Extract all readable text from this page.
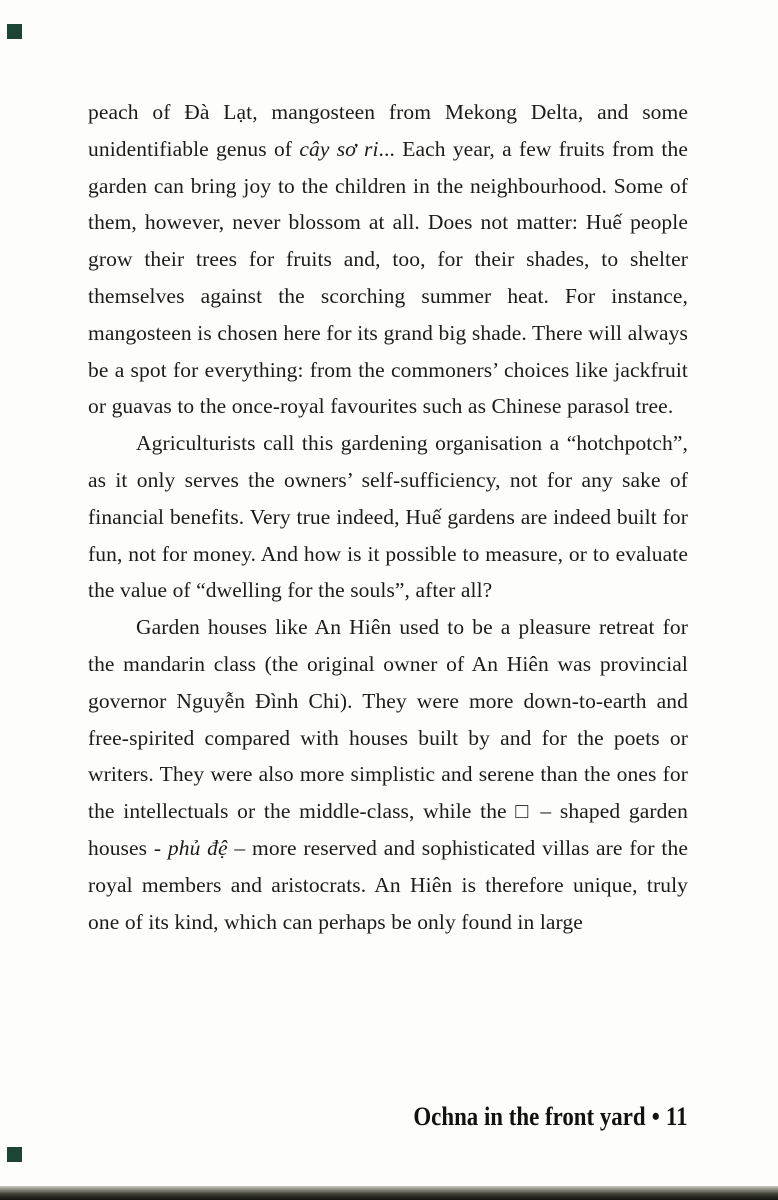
peach of Đà Lạt, mangosteen from Mekong Delta, and some unidentifiable genus of cây sơ ri... Each year, a few fruits from the garden can bring joy to the children in the neighbourhood. Some of them, however, never blossom at all. Does not matter: Huế people grow their trees for fruits and, too, for their shades, to shelter themselves against the scorching summer heat. For instance, mangosteen is chosen here for its grand big shade. There will always be a spot for everything: from the commoners’ choices like jackfruit or guavas to the once-royal favourites such as Chinese parasol tree.

Agriculturists call this gardening organisation a “hotchpotch”, as it only serves the owners’ self-sufficiency, not for any sake of financial benefits. Very true indeed, Huế gardens are indeed built for fun, not for money. And how is it possible to measure, or to evaluate the value of “dwelling for the souls”, after all?

Garden houses like An Hiên used to be a pleasure retreat for the mandarin class (the original owner of An Hiên was provincial governor Nguyễn Đình Chi). They were more down-to-earth and free-spirited compared with houses built by and for the poets or writers. They were also more simplistic and serene than the ones for the intellectuals or the middle-class, while the □ – shaped garden houses - phủ đệ – more reserved and sophisticated villas are for the royal members and aristocrats. An Hiên is therefore unique, truly one of its kind, which can perhaps be only found in large

Ochna in the front yard • 11
